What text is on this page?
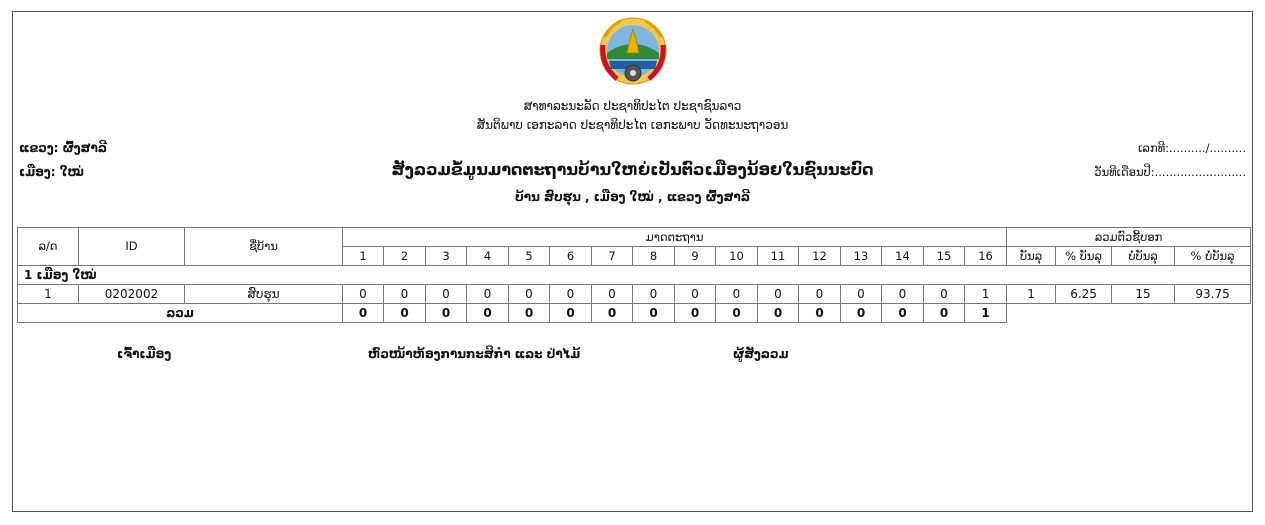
ສາທາລະນະລັດ ປະຊາທິປະໄຕ ປະຊາຊົນລາວ
ສັນຕິພາບ ເອກະລາດ ປະຊາທິປະໄຕ ເອກະພາບ ວັດທະນະຖາວອນ
ແຂວງ: ຜົ້ງສາລີ
ເມືອງ: ໃໝ່
ເລກທີ:........../..........
ວັນທີເດືອນປີ:.........................
ສັງລວມຂໍ້ມູນມາດຕະຖານບ້ານໃຫຍ່ເປັນຕົວເມືອງນ້ອຍໃນຊົນນະບົດ
ບ້ານ ສົບຮຸນ , ເມືອງ ໃໝ່ , ແຂວງ ຜົ້ງສາລີ
ລ/ດ	ID	ຊື່ບ້ານ	ມາດຕະຖານ																ລວມຕົວຊີ້ບອກ			
			1	2	3	4	5	6	7	8	9	10	11	12	13	14	15	16	ບັນລຸ	% ບັນລຸ	ບໍ່ບັນລຸ	% ບໍ່ບັນລຸ
1 ເມືອງ ໃໝ່																						
1	0202002	ສົບຮຸນ	0	0	0	0	0	0	0	0	0	0	0	0	0	0	0	1	1	6.25	15	93.75
ລວມ			0	0	0	0	0	0	0	0	0	0	0	0	0	0	0	1				
ເຈົ້າເມືອງ	ຫົວໜ້າຫ້ອງການກະສິກຳ ແລະ ປ່າໄມ້	ຜູ້ສັງລວມ
